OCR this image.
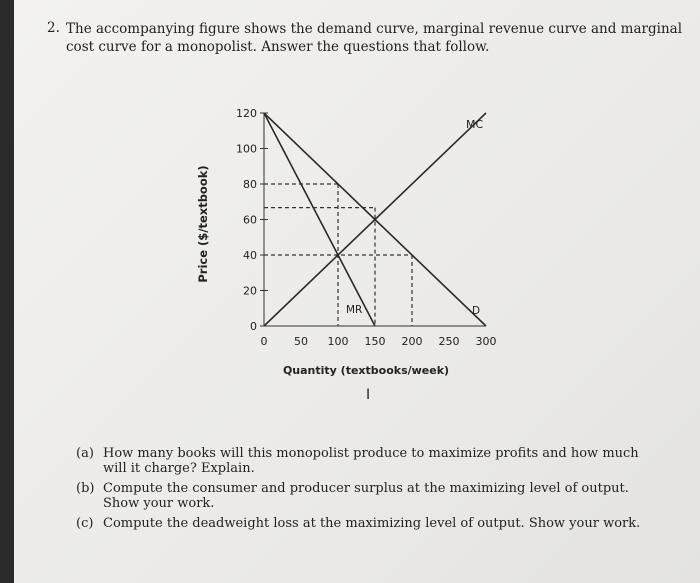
2. The accompanying figure shows the demand curve, marginal revenue curve and marginal cost curve for a monopolist. Answer the questions that follow.
0
20
40
60
80
100
120
0 50 100 150 200 250 300
Price ($/textbook)
Quantity (textbooks/week)
MC
MR	D
I
(a) How many books will this monopolist produce to maximize profits and how much will it charge? Explain.
(b) Compute the consumer and producer surplus at the maximizing level of output. Show your work.
(c) Compute the deadweight loss at the maximizing level of output. Show your work.
